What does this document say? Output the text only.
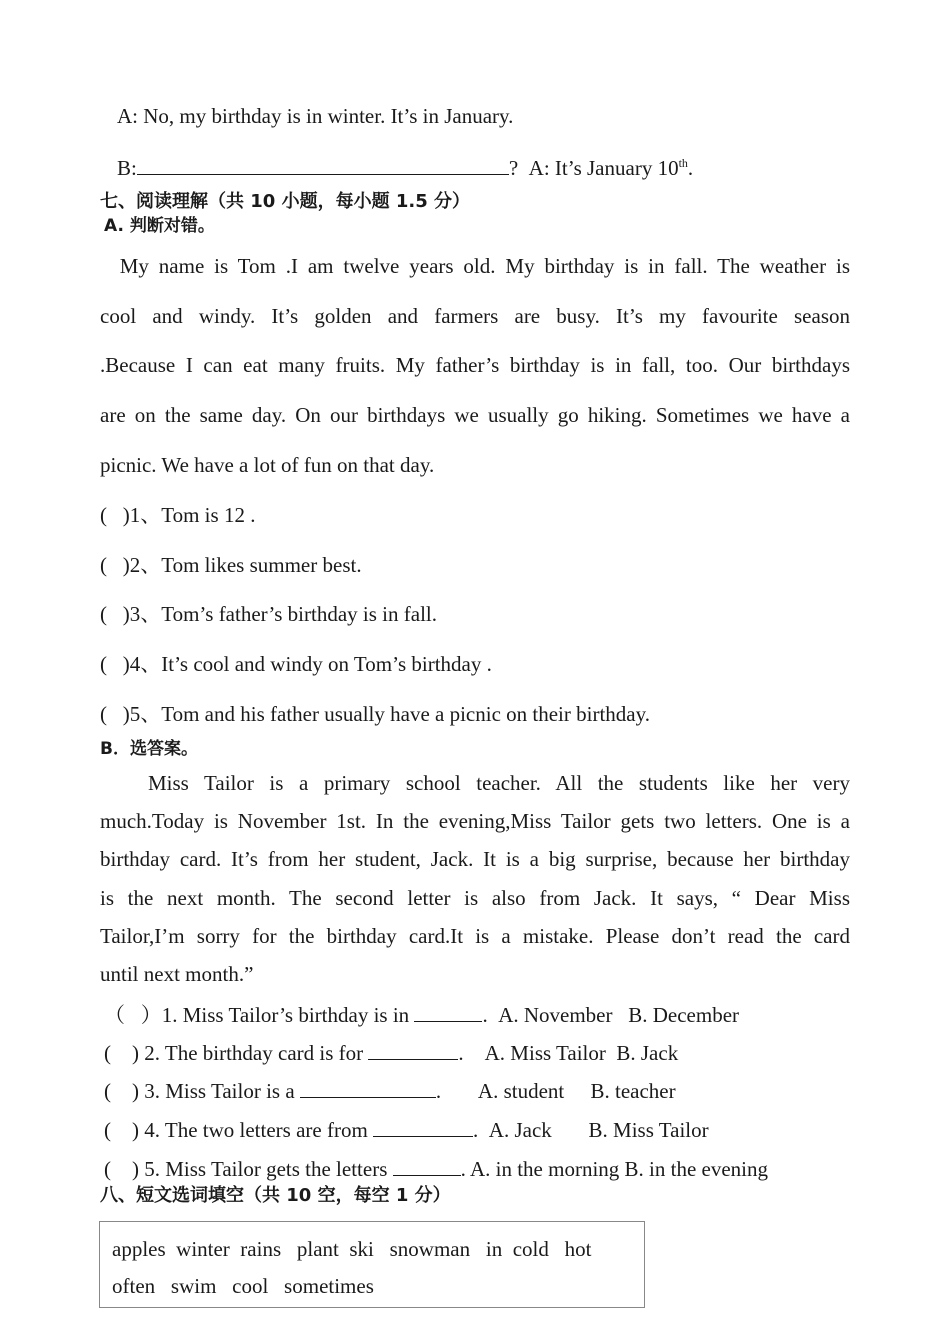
A: No, my birthday is in winter. It’s in January.
B:	? A: It’s January 10th.
七、阅读理解（共 10 小题，每小题 1.5 分）
A. 判断对错。
My name is Tom .I am twelve years old. My birthday is in fall. The weather is
cool and windy. It’s golden and farmers are busy. It’s my favourite season
.Because I can eat many fruits. My father’s birthday is in fall, too. Our birthdays
are on the same day. On our birthdays we usually go hiking. Sometimes we have a
picnic. We have a lot of fun on that day.
(   )1、Tom is 12 .
(   )2、Tom likes summer best.
(   )3、Tom’s father’s birthday is in fall.
(   )4、It’s cool and windy on Tom’s birthday .
(   )5、Tom and his father usually have a picnic on their birthday.
B．选答案。
Miss Tailor is a primary school teacher. All the students like her very
much.Today is November 1st. In the evening,Miss Tailor gets two letters. One is a
birthday card. It’s from her student, Jack. It is a big surprise, because her birthday
is the next month. The second letter is also from Jack. It says, “ Dear Miss
Tailor,I’m sorry for the birthday card.It is a mistake. Please don’t read the card
until next month.”
（   ）1. Miss Tailor’s birthday is in	. A. November   B. December
(    ) 2. The birthday card is for	. A. Miss Tailor  B. Jack
(    ) 3. Miss Tailor is a	. A. student     B. teacher
(    ) 4. The two letters are from	. A. Jack       B. Miss Tailor
(    ) 5. Miss Tailor gets the letters	. A. in the morning B. in the evening
八、短文选词填空（共 10 空，每空 1 分）
apples  winter  rains   plant  ski   snowman   in  cold   hot
often   swim   cool   sometimes
